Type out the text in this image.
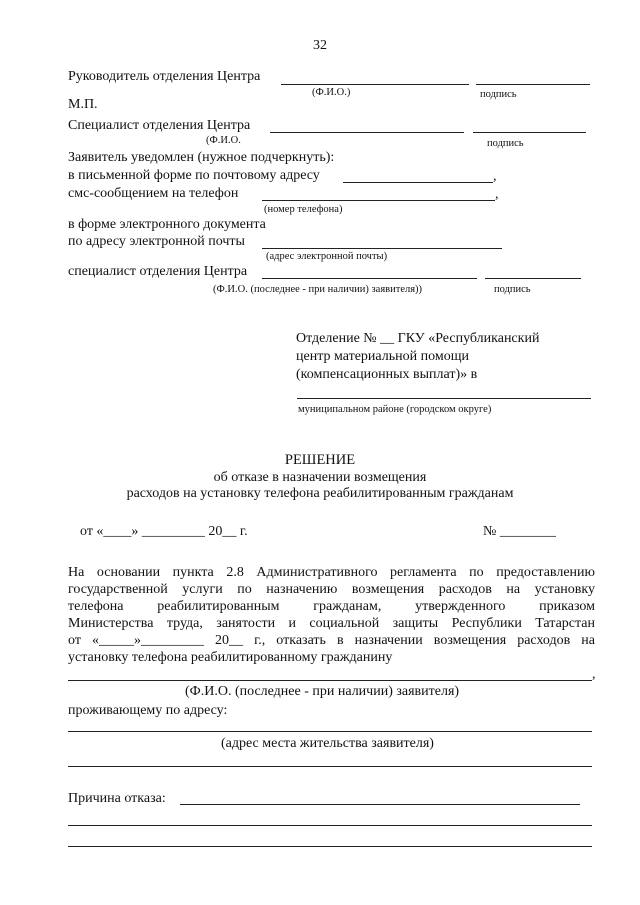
32
Руководитель отделения Центра
(Ф.И.О.)	подпись
М.П.
Специалист отделения Центра
(Ф.И.О.	подпись
Заявитель уведомлен (нужное подчеркнуть):
в письменной форме по почтовому адресу	,
смс-сообщением на телефон	,
(номер телефона)
в форме электронного документа
по адресу электронной почты
(адрес электронной почты)
специалист отделения Центра
(Ф.И.О. (последнее - при наличии) заявителя))	подпись
Отделение № __ ГКУ «Республиканский
центр материальной помощи
(компенсационных выплат)» в
муниципальном районе (городском округе)
РЕШЕНИЕ
об отказе в назначении возмещения
расходов на установку телефона реабилитированным гражданам
от «____» _________ 20__ г.	№ ________
На основании пункта 2.8 Административного регламента по предоставлению
государственной услуги по назначению возмещения расходов на установку
телефона реабилитированным гражданам, утвержденного приказом
Министерства труда, занятости и социальной защиты Республики Татарстан
от «_____»_________ 20__ г., отказать в назначении возмещения расходов на
установку телефона реабилитированному гражданину
,
(Ф.И.О. (последнее - при наличии) заявителя)
проживающему по адресу:
(адрес места жительства заявителя)
Причина отказа:
